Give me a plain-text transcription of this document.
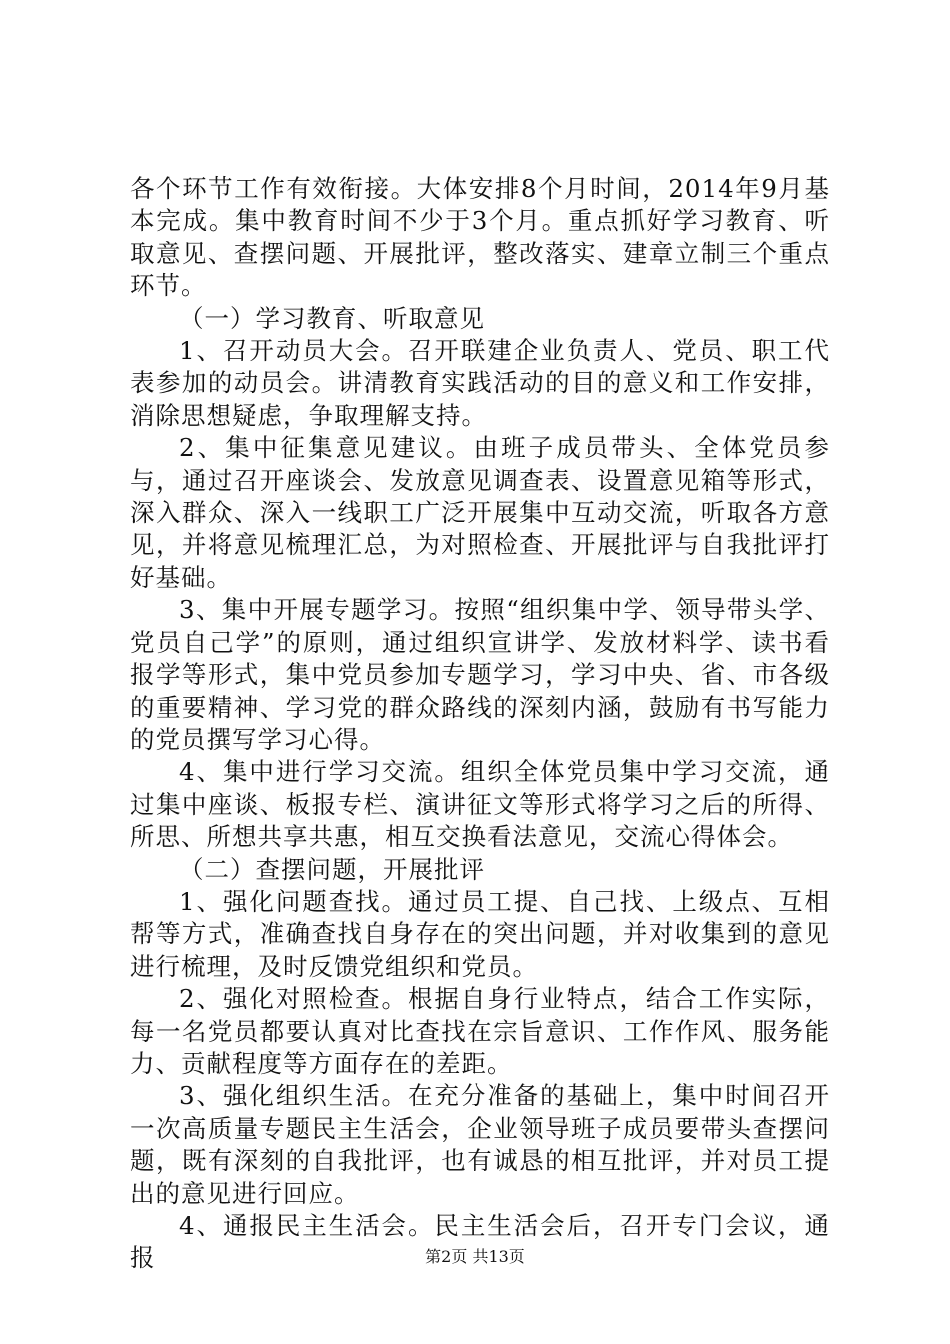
各个环节工作有效衔接。大体安排8个月时间，2014年9月基本完成。集中教育时间不少于3个月。重点抓好学习教育、听取意见、查摆问题、开展批评，整改落实、建章立制三个重点环节。

（一）学习教育、听取意见

1、召开动员大会。召开联建企业负责人、党员、职工代表参加的动员会。讲清教育实践活动的目的意义和工作安排，消除思想疑虑，争取理解支持。

2、集中征集意见建议。由班子成员带头、全体党员参与，通过召开座谈会、发放意见调查表、设置意见箱等形式，深入群众、深入一线职工广泛开展集中互动交流，听取各方意见，并将意见梳理汇总，为对照检查、开展批评与自我批评打好基础。

3、集中开展专题学习。按照“组织集中学、领导带头学、党员自己学”的原则，通过组织宣讲学、发放材料学、读书看报学等形式，集中党员参加专题学习，学习中央、省、市各级的重要精神、学习党的群众路线的深刻内涵，鼓励有书写能力的党员撰写学习心得。

4、集中进行学习交流。组织全体党员集中学习交流，通过集中座谈、板报专栏、演讲征文等形式将学习之后的所得、所思、所想共享共惠，相互交换看法意见，交流心得体会。

（二）查摆问题，开展批评

1、强化问题查找。通过员工提、自己找、上级点、互相帮等方式，准确查找自身存在的突出问题，并对收集到的意见进行梳理，及时反馈党组织和党员。

2、强化对照检查。根据自身行业特点，结合工作实际，每一名党员都要认真对比查找在宗旨意识、工作作风、服务能力、贡献程度等方面存在的差距。

3、强化组织生活。在充分准备的基础上，集中时间召开一次高质量专题民主生活会，企业领导班子成员要带头查摆问题，既有深刻的自我批评，也有诚恳的相互批评，并对员工提出的意见进行回应。

4、通报民主生活会。民主生活会后，召开专门会议，通报	第2页 共13页
